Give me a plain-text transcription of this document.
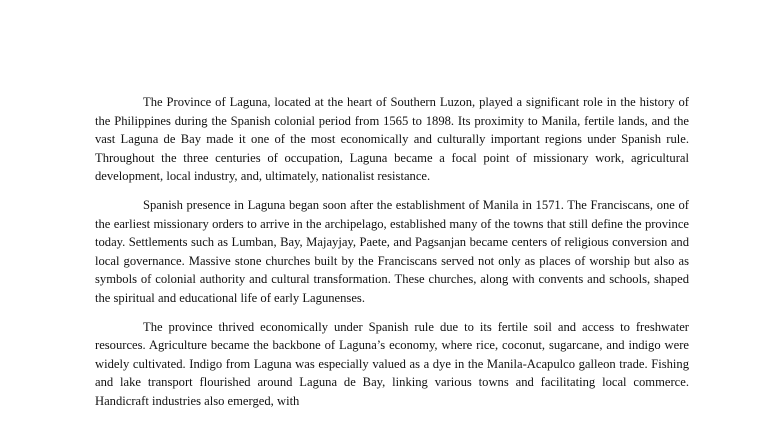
The Province of Laguna, located at the heart of Southern Luzon, played a significant role in the history of the Philippines during the Spanish colonial period from 1565 to 1898. Its proximity to Manila, fertile lands, and the vast Laguna de Bay made it one of the most economically and culturally important regions under Spanish rule. Throughout the three centuries of occupation, Laguna became a focal point of missionary work, agricultural development, local industry, and, ultimately, nationalist resistance.

Spanish presence in Laguna began soon after the establishment of Manila in 1571. The Franciscans, one of the earliest missionary orders to arrive in the archipelago, established many of the towns that still define the province today. Settlements such as Lumban, Bay, Majayjay, Paete, and Pagsanjan became centers of religious conversion and local governance. Massive stone churches built by the Franciscans served not only as places of worship but also as symbols of colonial authority and cultural transformation. These churches, along with convents and schools, shaped the spiritual and educational life of early Lagunenses.

The province thrived economically under Spanish rule due to its fertile soil and access to freshwater resources. Agriculture became the backbone of Laguna’s economy, where rice, coconut, sugarcane, and indigo were widely cultivated. Indigo from Laguna was especially valued as a dye in the Manila-Acapulco galleon trade. Fishing and lake transport flourished around Laguna de Bay, linking various towns and facilitating local commerce. Handicraft industries also emerged, with
